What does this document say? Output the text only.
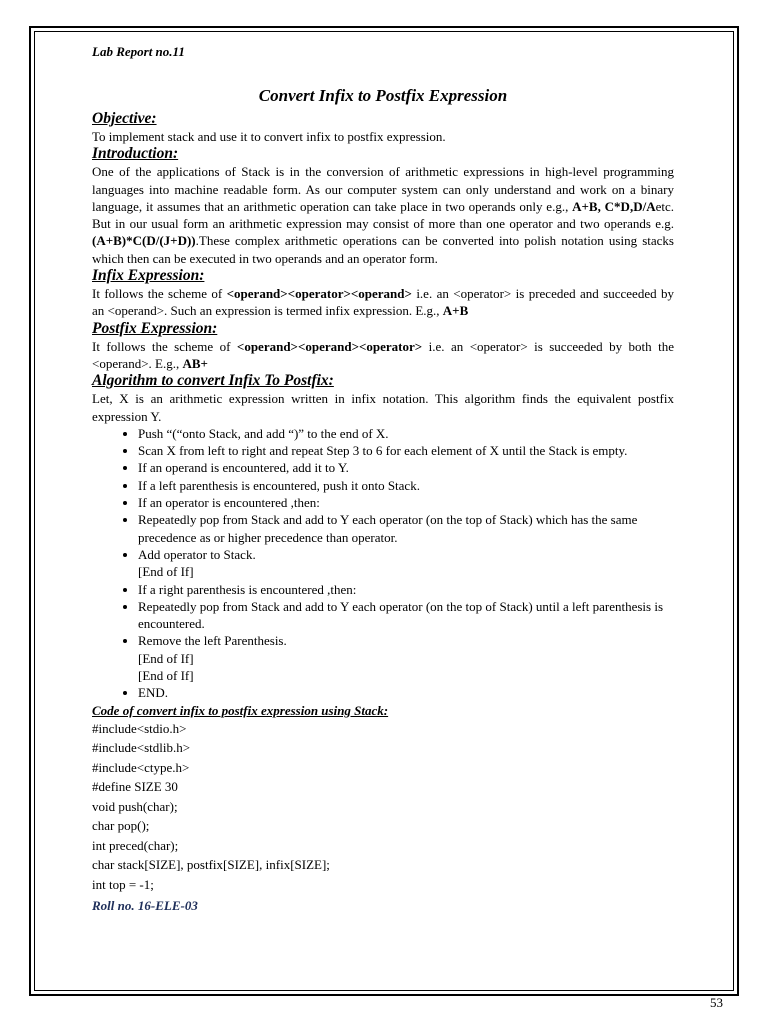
Lab Report no.11
Convert Infix to Postfix Expression
Objective:

To implement stack and use it to convert infix to postfix expression.

Introduction:

One of the applications of Stack is in the conversion of arithmetic expressions in high-level programming languages into machine readable form. As our computer system can only understand and work on a binary language, it assumes that an arithmetic operation can take place in two operands only e.g., A+B, C*D,D/Aetc. But in our usual form an arithmetic expression may consist of more than one operator and two operands e.g. (A+B)*C(D/(J+D)).These complex arithmetic operations can be converted into polish notation using stacks which then can be executed in two operands and an operator form.

Infix Expression:

It follows the scheme of <operand><operator><operand> i.e. an <operator> is preceded and succeeded by an <operand>. Such an expression is termed infix expression. E.g., A+B

Postfix Expression:

It follows the scheme of <operand><operand><operator> i.e. an <operator> is succeeded by both the <operand>. E.g., AB+

Algorithm to convert Infix To Postfix:

Let, X is an arithmetic expression written in infix notation. This algorithm finds the equivalent postfix expression Y.

• Push “(“onto Stack, and add “)” to the end of X.
• Scan X from left to right and repeat Step 3 to 6 for each element of X until the Stack is empty.
• If an operand is encountered, add it to Y.
• If a left parenthesis is encountered, push it onto Stack.
• If an operator is encountered ,then:
• Repeatedly pop from Stack and add to Y each operator (on the top of Stack) which has the same precedence as or higher precedence than operator.
• Add operator to Stack.
[End of If]
• If a right parenthesis is encountered ,then:
• Repeatedly pop from Stack and add to Y each operator (on the top of Stack) until a left parenthesis is encountered.
• Remove the left Parenthesis.
[End of If]
[End of If]
• END.
Code of convert infix to postfix expression using Stack:
#include<stdio.h>
#include<stdlib.h>
#include<ctype.h>
#define SIZE 30
void push(char);
char pop();
int preced(char);
char stack[SIZE], postfix[SIZE], infix[SIZE];
int top = -1;
Roll no. 16-ELE-03
53
